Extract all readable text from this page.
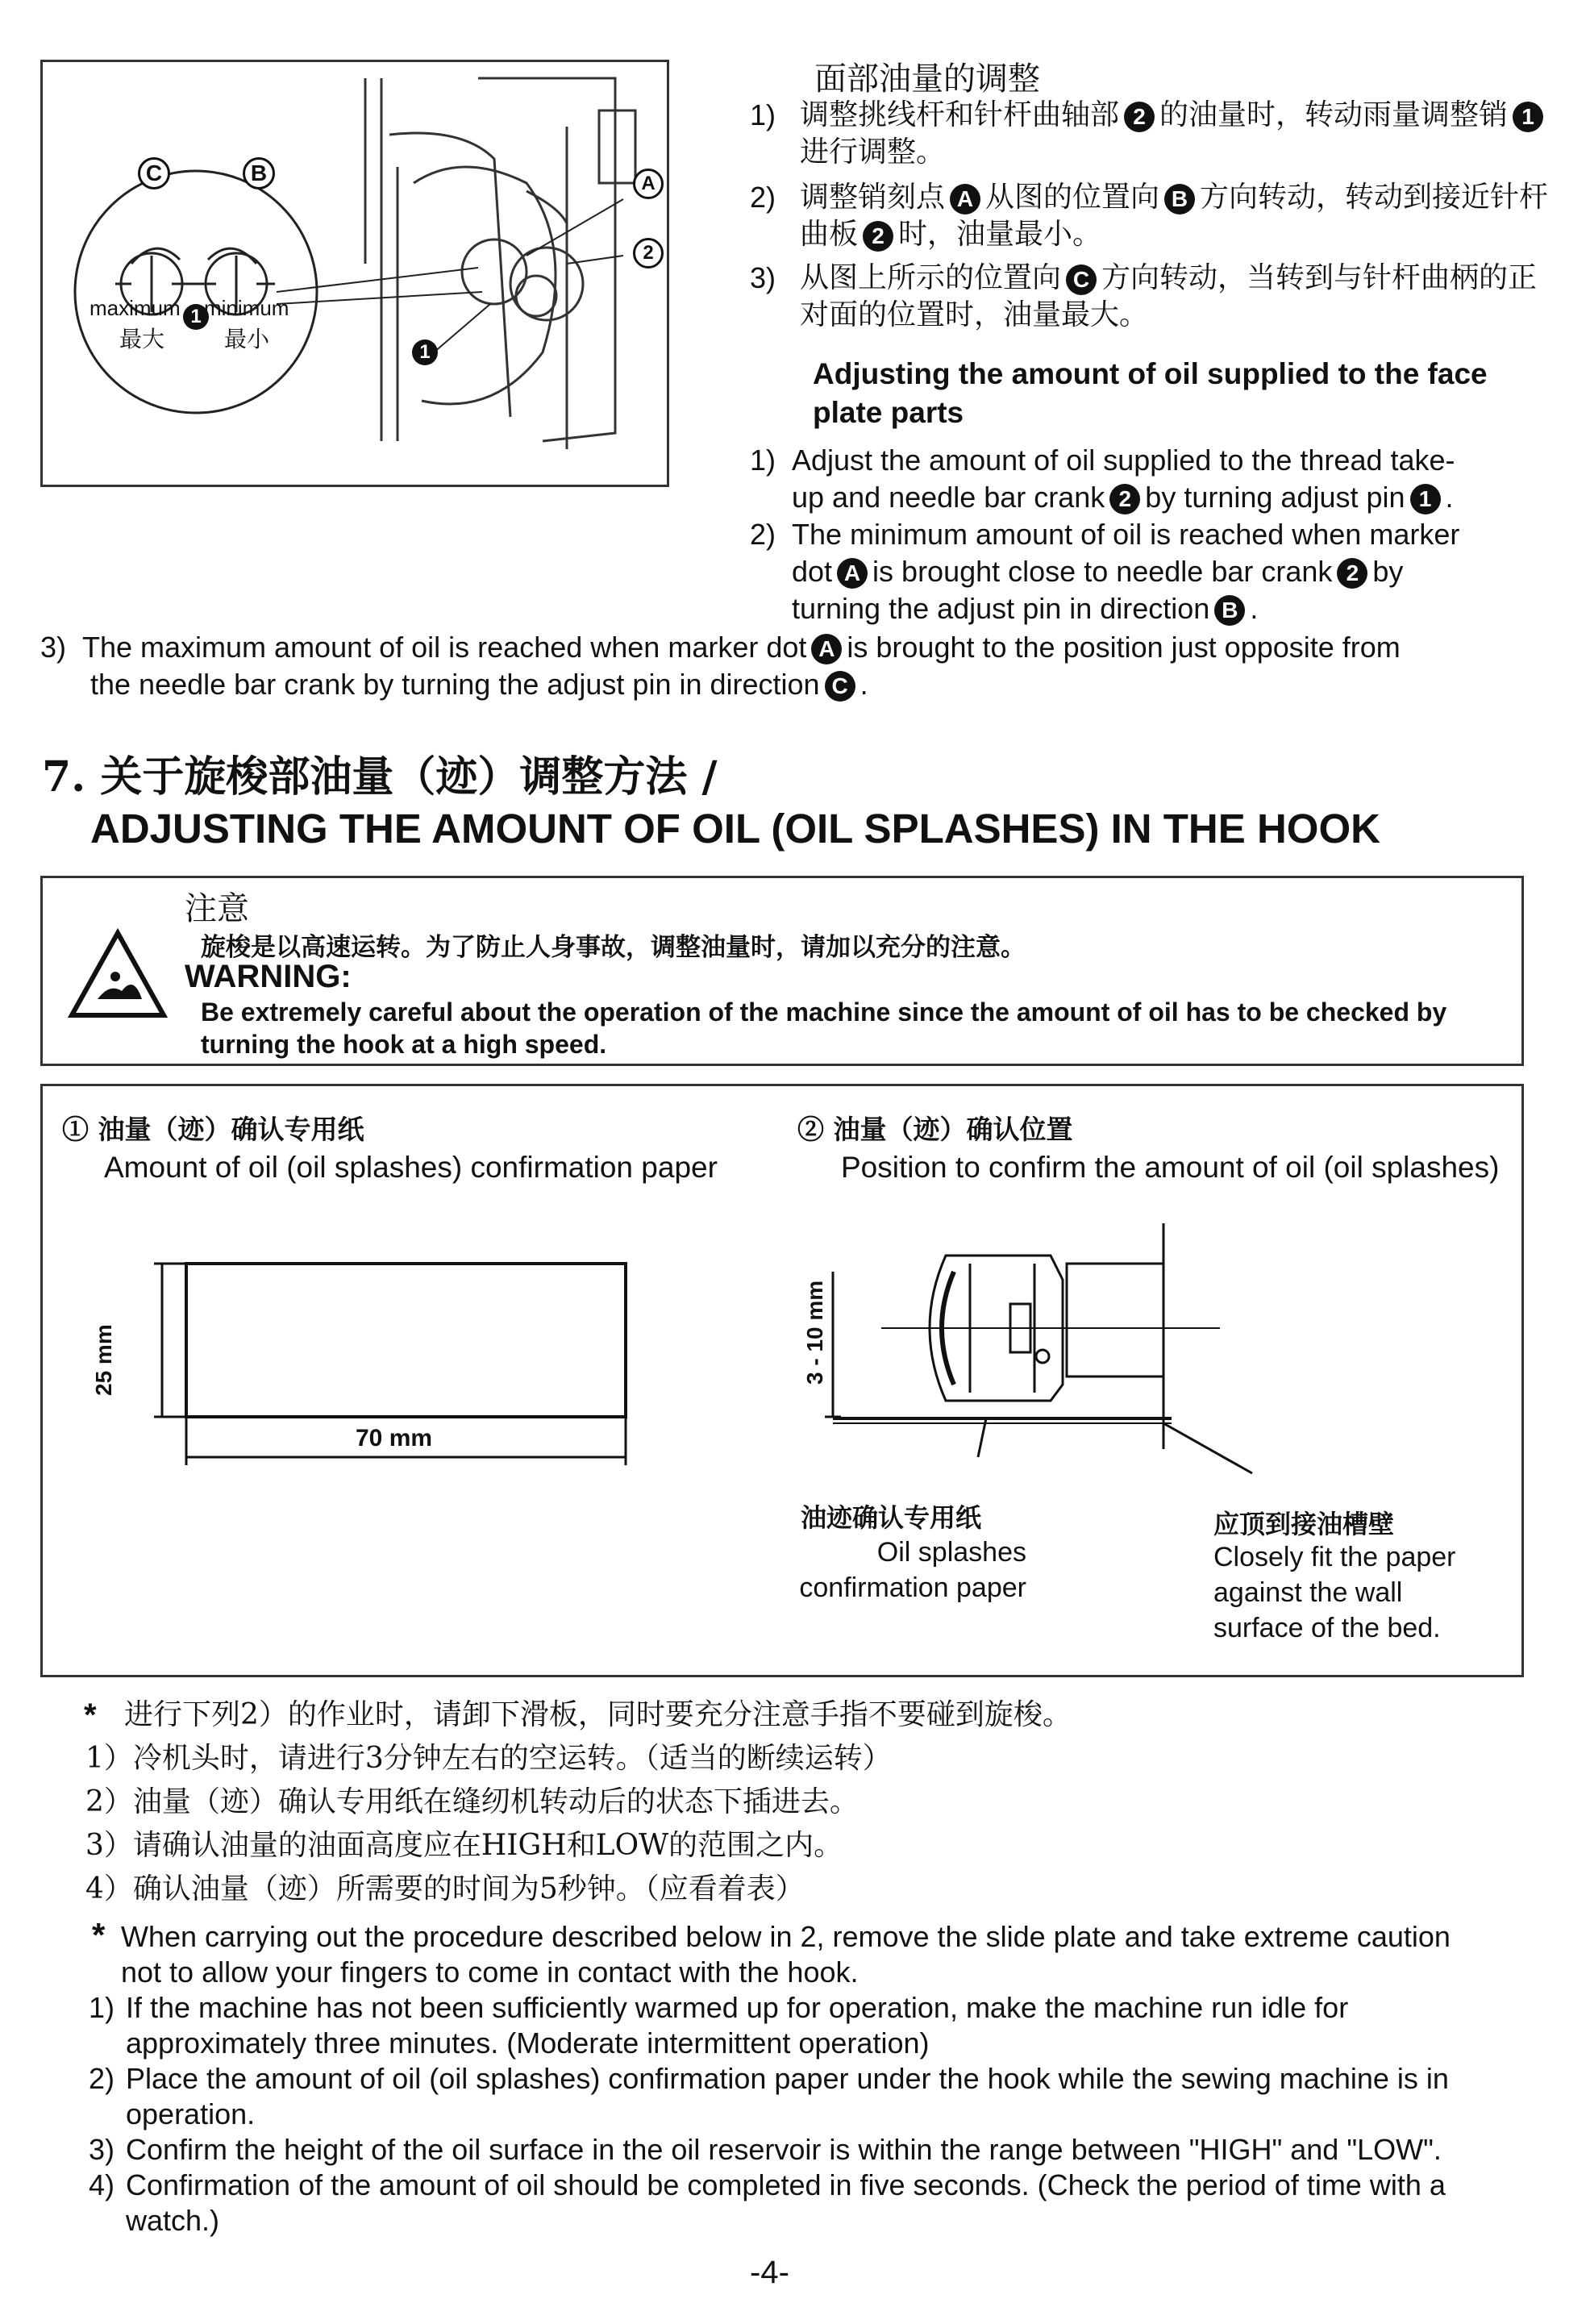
C	B
1
A
2
1
maximum minimum
最大	最小
面部油量的调整
1) 调整挑线杆和针杆曲轴部 2 的油量时，转动雨量调整销 1进行调整。
2) 调整销刻点 A 从图的位置向 B 方向转动，转动到接近针杆曲板 2 时，油量最小。
3) 从图上所示的位置向 C 方向转动，当转到与针杆曲柄的正对面的位置时，油量最大。
Adjusting the amount of oil supplied to the face
plate parts
1) Adjust the amount of oil supplied to the thread take-
up and needle bar crank 2 by turning adjust pin 1 .
2) The minimum amount of oil is reached when marker
dot A is brought close to needle bar crank 2 by
turning the adjust pin in direction B .
3) The maximum amount of oil is reached when marker dot A is brought to the position just opposite from
the needle bar crank by turning the adjust pin in direction C .
7. 关于旋梭部油量（迹）调整方法 /
ADJUSTING THE AMOUNT OF OIL (OIL SPLASHES) IN THE HOOK
注意
旋梭是以高速运转。为了防止人身事故，调整油量时，请加以充分的注意。
WARNING:
Be extremely careful about the operation of the machine since the amount of oil has to be checked by
turning the hook at a high speed.
① 油量（迹）确认专用纸
Amount of oil (oil splashes) confirmation paper
② 油量（迹）确认位置
Position to confirm the amount of oil (oil splashes)
25 mm
70 mm
3 - 10 mm
油迹确认专用纸
Oil splashes
confirmation paper
应顶到接油槽壁
Closely fit the paper
against the wall
surface of the bed.
* 进行下列2）的作业时，请卸下滑板，同时要充分注意手指不要碰到旋梭。
1）冷机头时，请进行3分钟左右的空运转。（适当的断续运转）
2）油量（迹）确认专用纸在缝纫机转动后的状态下插进去。
3）请确认油量的油面高度应在HIGH和LOW的范围之内。
4）确认油量（迹）所需要的时间为5秒钟。（应看着表）
* When carrying out the procedure described below in 2, remove the slide plate and take extreme caution
not to allow your fingers to come in contact with the hook.
1) If the machine has not been sufficiently warmed up for operation, make the machine run idle for
approximately three minutes. (Moderate intermittent operation)
2) Place the amount of oil (oil splashes) confirmation paper under the hook while the sewing machine is in
operation.
3) Confirm the height of the oil surface in the oil reservoir is within the range between "HIGH" and "LOW".
4) Confirmation of the amount of oil should be completed in five seconds. (Check the period of time with a
watch.)
-4-
